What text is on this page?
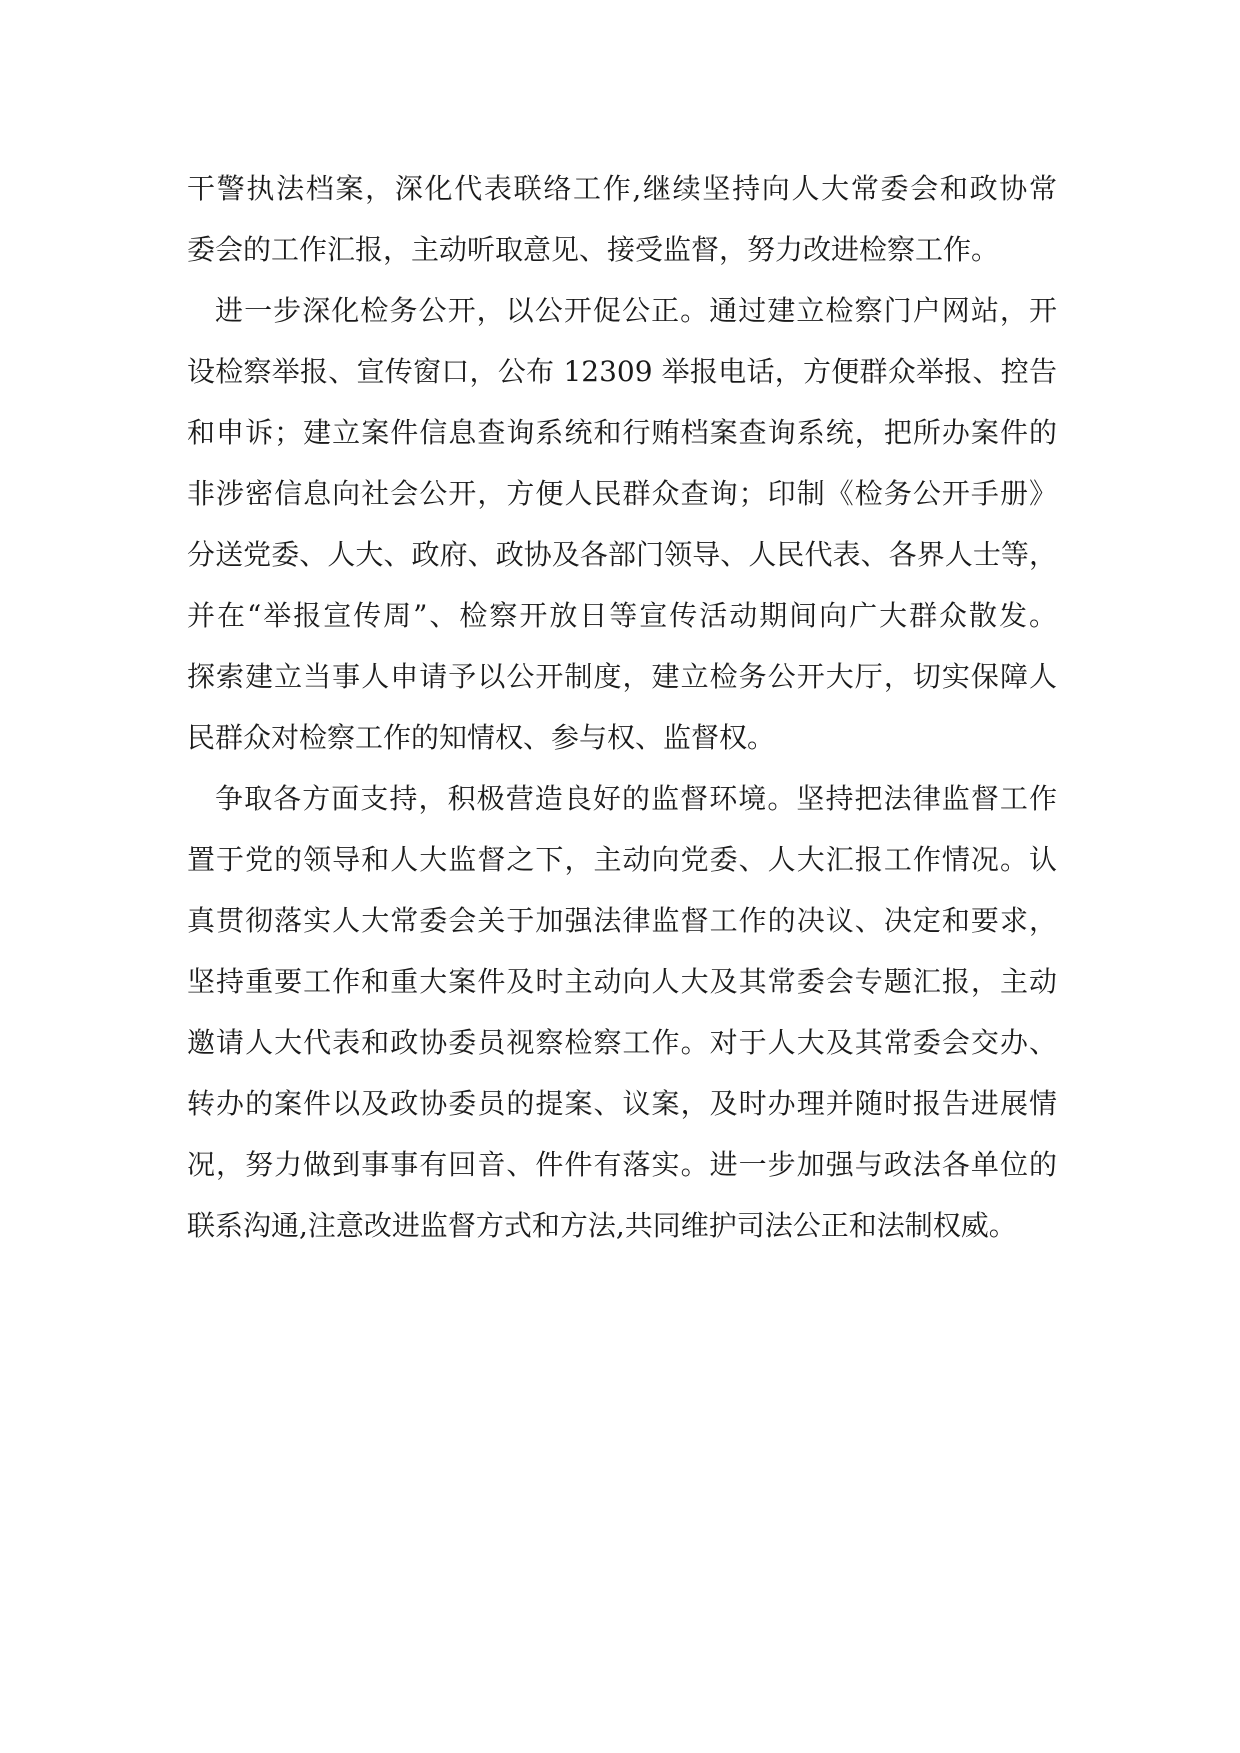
干警执法档案，深化代表联络工作,继续坚持向人大常委会和政协常
委会的工作汇报，主动听取意见、接受监督，努力改进检察工作。
进一步深化检务公开，以公开促公正。通过建立检察门户网站，开
设检察举报、宣传窗口，公布 12309 举报电话，方便群众举报、控告
和申诉；建立案件信息查询系统和行贿档案查询系统，把所办案件的
非涉密信息向社会公开，方便人民群众查询；印制《检务公开手册》
分送党委、人大、政府、政协及各部门领导、人民代表、各界人士等，
并在“举报宣传周”、检察开放日等宣传活动期间向广大群众散发。
探索建立当事人申请予以公开制度，建立检务公开大厅，切实保障人
民群众对检察工作的知情权、参与权、监督权。
争取各方面支持，积极营造良好的监督环境。坚持把法律监督工作
置于党的领导和人大监督之下，主动向党委、人大汇报工作情况。认
真贯彻落实人大常委会关于加强法律监督工作的决议、决定和要求，
坚持重要工作和重大案件及时主动向人大及其常委会专题汇报，主动
邀请人大代表和政协委员视察检察工作。对于人大及其常委会交办、
转办的案件以及政协委员的提案、议案，及时办理并随时报告进展情
况，努力做到事事有回音、件件有落实。进一步加强与政法各单位的
联系沟通,注意改进监督方式和方法,共同维护司法公正和法制权威。
